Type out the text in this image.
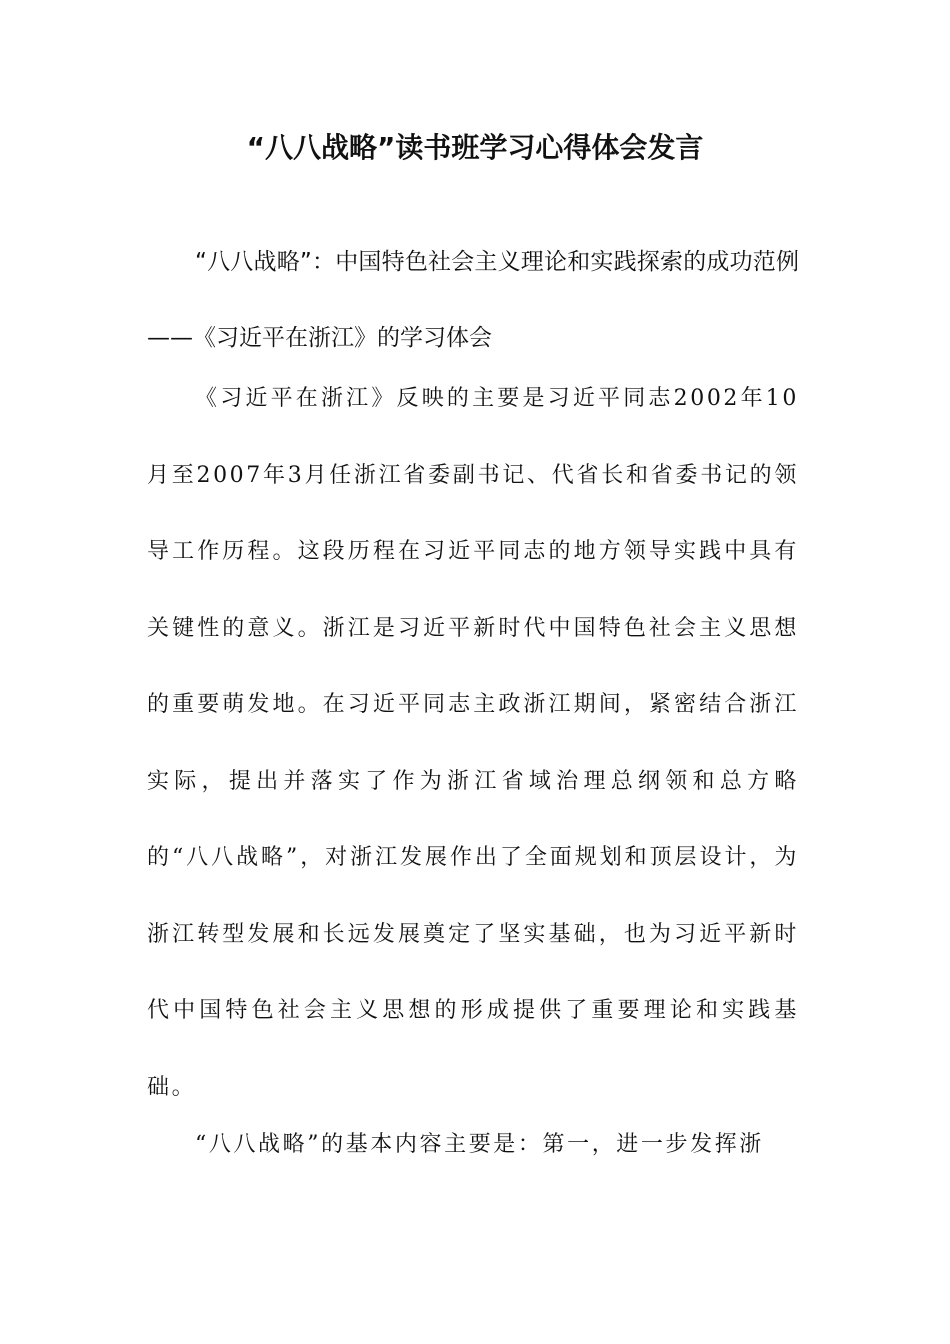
“八八战略”读书班学习心得体会发言

“八八战略”：中国特色社会主义理论和实践探索的成功范例——《习近平在浙江》的学习体会

《习近平在浙江》反映的主要是习近平同志2002年10月至2007年3月任浙江省委副书记、代省长和省委书记的领导工作历程。这段历程在习近平同志的地方领导实践中具有关键性的意义。浙江是习近平新时代中国特色社会主义思想的重要萌发地。在习近平同志主政浙江期间，紧密结合浙江实际，提出并落实了作为浙江省域治理总纲领和总方略的“八八战略”，对浙江发展作出了全面规划和顶层设计，为浙江转型发展和长远发展奠定了坚实基础，也为习近平新时代中国特色社会主义思想的形成提供了重要理论和实践基础。

“八八战略”的基本内容主要是：第一，进一步发挥浙
